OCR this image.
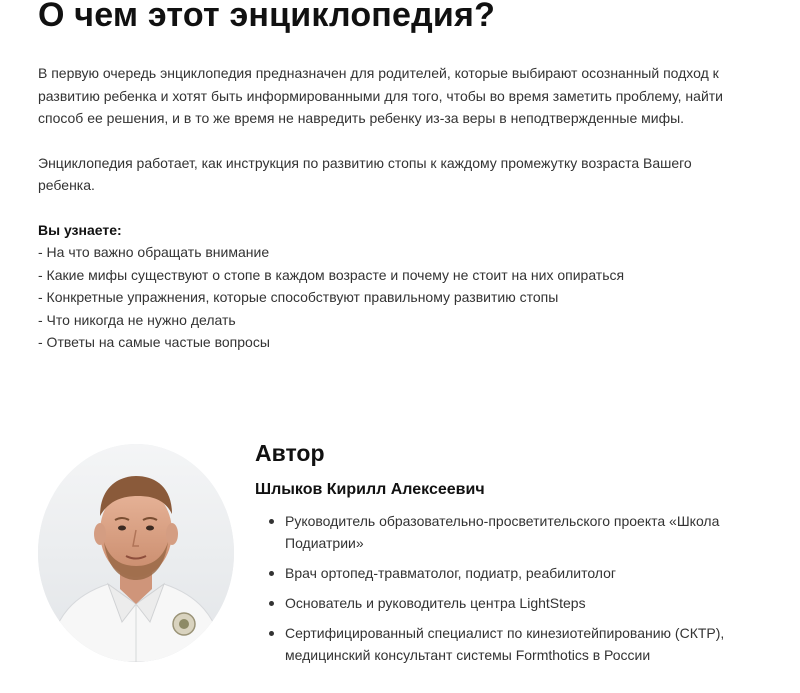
О чем этот энциклопедия?

В первую очередь энциклопедия предназначен для родителей, которые выбирают осознанный подход к развитию ребенка и хотят быть информированными для того, чтобы во время заметить проблему, найти способ ее решения, и в то же время не навредить ребенку из-за веры в неподтвержденные мифы.

Энциклопедия работает, как инструкция по развитию стопы к каждому промежутку возраста Вашего ребенка.

Вы узнаете:
- На что важно обращать внимание
- Какие мифы существуют о стопе в каждом возрасте и почему не стоит на них опираться
- Конкретные упражнения, которые способствуют правильному развитию стопы
- Что никогда не нужно делать
- Ответы на самые частые вопросы
Автор
Шлыков Кирилл Алексеевич
Руководитель образовательно-просветительского проекта «Школа Подиатрии»
Врач ортопед-травматолог, подиатр, реабилитолог
Основатель и руководитель центра LightSteps
Сертифицированный специалист по кинезиотейпированию (СКТР), медицинский консультант системы Formthotics в России
